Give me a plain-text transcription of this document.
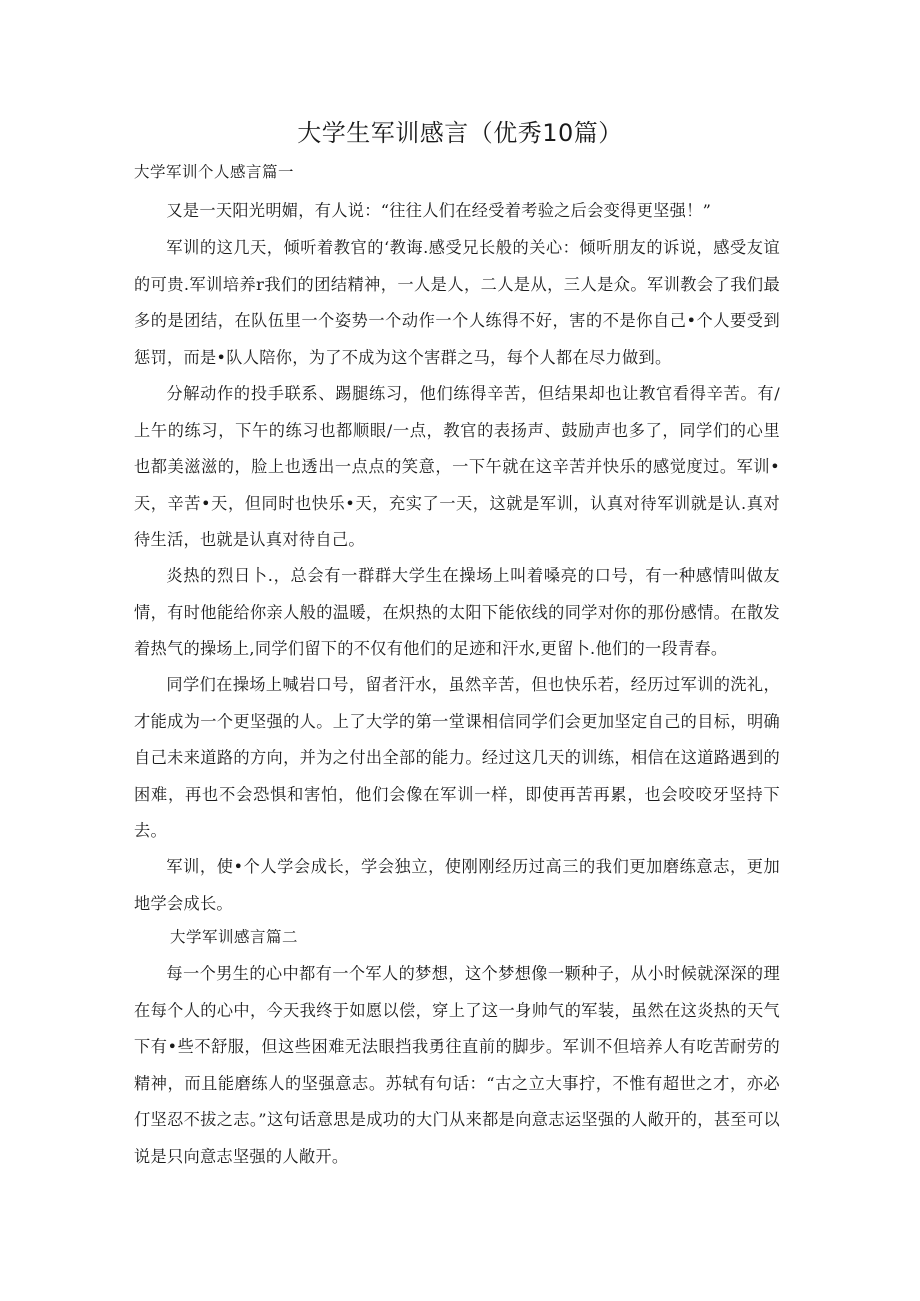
大学生军训感言（优秀10篇）
大学军训个人感言篇一

又是一天阳光明媚，有人说：“往往人们在经受着考验之后会变得更坚强！”

军训的这几天，倾听着教官的‘教诲.感受兄长般的关心：倾听朋友的诉说，感受友谊的可贵.军训培养r我们的团结精神，一人是人，二人是从，三人是众。军训教会了我们最多的是团结，在队伍里一个姿势一个动作一个人练得不好，害的不是你自己•个人要受到惩罚，而是•队人陪你，为了不成为这个害群之马，每个人都在尽力做到。

分解动作的投手联系、踢腿练习，他们练得辛苦，但结果却也让教官看得辛苦。有/上午的练习，下午的练习也都顺眼/一点，教官的表扬声、鼓励声也多了，同学们的心里也都美滋滋的，脸上也透出一点点的笑意，一下午就在这辛苦并快乐的感觉度过。军训•天，辛苦•天，但同时也快乐•天，充实了一天，这就是军训，认真对待军训就是认.真对待生活，也就是认真对待自己。

炎热的烈日卜.，总会有一群群大学生在操场上叫着嗓亮的口号，有一种感情叫做友情，有时他能给你亲人般的温暖，在炽热的太阳下能依线的同学对你的那份感情。在散发着热气的操场上,同学们留下的不仅有他们的足迹和汗水,更留卜.他们的一段青春。

同学们在操场上喊岩口号，留者汗水，虽然辛苦，但也快乐若，经历过军训的洗礼，才能成为一个更坚强的人。上了大学的第一堂课相信同学们会更加坚定自己的目标，明确自己未来道路的方向，并为之付出全部的能力。经过这几天的训练，相信在这道路遇到的困难，再也不会恐惧和害怕，他们会像在军训一样，即使再苦再累，也会咬咬牙坚持下去。

军训，使•个人学会成长，学会独立，使刚刚经历过高三的我们更加磨练意志，更加地学会成长。

大学军训感言篇二

每一个男生的心中都有一个军人的梦想，这个梦想像一颗种子，从小时候就深深的理在每个人的心中，今天我终于如愿以偿，穿上了这一身帅气的军装，虽然在这炎热的天气下有•些不舒服，但这些困难无法眼挡我勇往直前的脚步。军训不但培养人有吃苦耐劳的精神，而且能磨练人的坚强意志。苏轼有句话：“古之立大事拧，不惟有超世之才，亦必仃坚忍不拔之志。”这句话意思是成功的大门从来都是向意志运坚强的人敞开的，甚至可以说是只向意志坚强的人敞开。
